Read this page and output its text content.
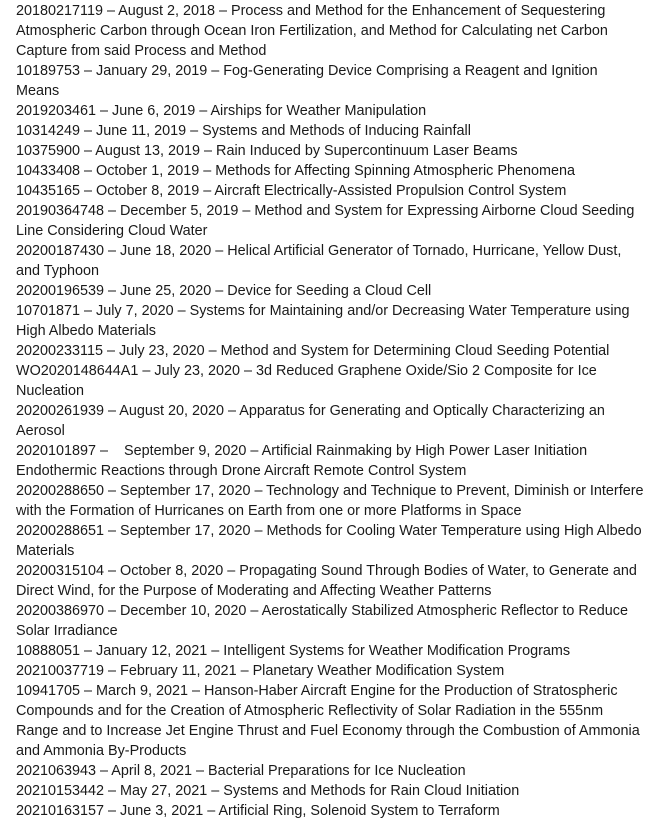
20180217119 – August 2, 2018 – Process and Method for the Enhancement of Sequestering Atmospheric Carbon through Ocean Iron Fertilization, and Method for Calculating net Carbon Capture from said Process and Method

10189753 – January 29, 2019 – Fog-Generating Device Comprising a Reagent and Ignition Means

2019203461 – June 6, 2019 – Airships for Weather Manipulation

10314249 – June 11, 2019 – Systems and Methods of Inducing Rainfall

10375900 – August 13, 2019 – Rain Induced by Supercontinuum Laser Beams

10433408 – October 1, 2019 – Methods for Affecting Spinning Atmospheric Phenomena

10435165 – October 8, 2019 – Aircraft Electrically-Assisted Propulsion Control System

20190364748 – December 5, 2019 – Method and System for Expressing Airborne Cloud Seeding Line Considering Cloud Water

20200187430 – June 18, 2020 – Helical Artificial Generator of Tornado, Hurricane, Yellow Dust, and Typhoon

20200196539 – June 25, 2020 – Device for Seeding a Cloud Cell

10701871 – July 7, 2020 – Systems for Maintaining and/or Decreasing Water Temperature using High Albedo Materials

20200233115 – July 23, 2020 – Method and System for Determining Cloud Seeding Potential

WO2020148644A1 – July 23, 2020 – 3d Reduced Graphene Oxide/Sio 2 Composite for Ice Nucleation

20200261939 – August 20, 2020 – Apparatus for Generating and Optically Characterizing an Aerosol

2020101897 –    September 9, 2020 – Artificial Rainmaking by High Power Laser Initiation Endothermic Reactions through Drone Aircraft Remote Control System

20200288650 – September 17, 2020 – Technology and Technique to Prevent, Diminish or Interfere with the Formation of Hurricanes on Earth from one or more Platforms in Space

20200288651 – September 17, 2020 – Methods for Cooling Water Temperature using High Albedo Materials

20200315104 – October 8, 2020 – Propagating Sound Through Bodies of Water, to Generate and Direct Wind, for the Purpose of Moderating and Affecting Weather Patterns

20200386970 – December 10, 2020 – Aerostatically Stabilized Atmospheric Reflector to Reduce Solar Irradiance

10888051 – January 12, 2021 – Intelligent Systems for Weather Modification Programs

20210037719 – February 11, 2021 – Planetary Weather Modification System

10941705 – March 9, 2021 – Hanson-Haber Aircraft Engine for the Production of Stratospheric Compounds and for the Creation of Atmospheric Reflectivity of Solar Radiation in the 555nm Range and to Increase Jet Engine Thrust and Fuel Economy through the Combustion of Ammonia and Ammonia By-Products

2021063943 – April 8, 2021 – Bacterial Preparations for Ice Nucleation

20210153442 – May 27, 2021 – Systems and Methods for Rain Cloud Initiation

20210163157 – June 3, 2021 – Artificial Ring, Solenoid System to Terraform
